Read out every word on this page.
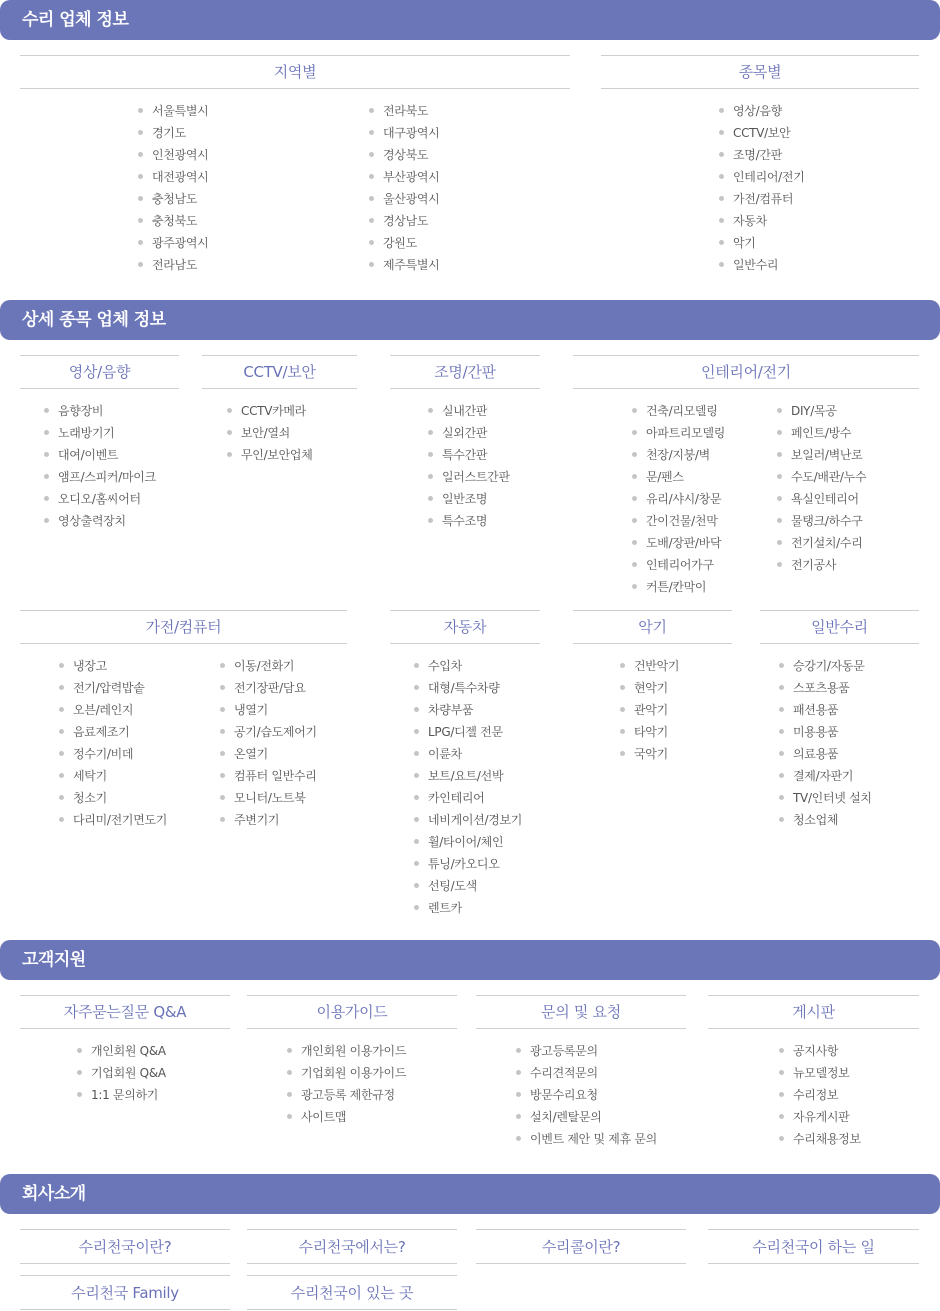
수리 업체 정보
지역별
서울특별시
경기도
인천광역시
대전광역시
충청남도
충청북도
광주광역시
전라남도
전라북도
대구광역시
경상북도
부산광역시
울산광역시
경상남도
강원도
제주특별시
종목별
영상/음향
CCTV/보안
조명/간판
인테리어/전기
가전/컴퓨터
자동차
악기
일반수리
상세 종목 업체 정보
영상/음향
음향장비
노래방기기
대여/이벤트
앰프/스피커/마이크
오디오/홈씨어터
영상출력장치
CCTV/보안
CCTV카메라
보안/열쇠
무인/보안업체
조명/간판
실내간판
실외간판
특수간판
일러스트간판
일반조명
특수조명
인테리어/전기
건축/리모델링
아파트리모델링
천장/지붕/벽
문/펜스
유리/샤시/창문
간이건물/천막
도배/장판/바닥
인테리어가구
커튼/칸막이
DIY/목공
페인트/방수
보일러/벽난로
수도/배관/누수
욕실인테리어
물탱크/하수구
전기설치/수리
전기공사
가전/컴퓨터
냉장고
전기/압력밥솥
오븐/레인지
음료제조기
정수기/비데
세탁기
청소기
다리미/전기면도기
이동/전화기
전기장판/담요
냉열기
공기/습도제어기
온열기
컴퓨터 일반수리
모니터/노트북
주변기기
자동차
수입차
대형/특수차량
차량부품
LPG/디젤 전문
이륜차
보트/요트/선박
카인테리어
네비게이션/경보기
휠/타이어/체인
튜닝/카오디오
선팅/도색
렌트카
악기
건반악기
현악기
관악기
타악기
국악기
일반수리
승강기/자동문
스포츠용품
패션용품
미용용품
의료용품
결제/자판기
TV/인터넷 설치
청소업체
고객지원
자주묻는질문 Q&A
개인회원 Q&A
기업회원 Q&A
1:1 문의하기
이용가이드
개인회원 이용가이드
기업회원 이용가이드
광고등록 제한규정
사이트맵
문의 및 요청
광고등록문의
수리견적문의
방문수리요청
설치/렌탈문의
이벤트 제안 및 제휴 문의
게시판
공지사항
뉴모델정보
수리정보
자유게시판
수리채용정보
회사소개
수리천국이란?	수리천국에서는?	수리콜이란?	수리천국이 하는 일
수리천국 Family	수리천국이 있는 곳
